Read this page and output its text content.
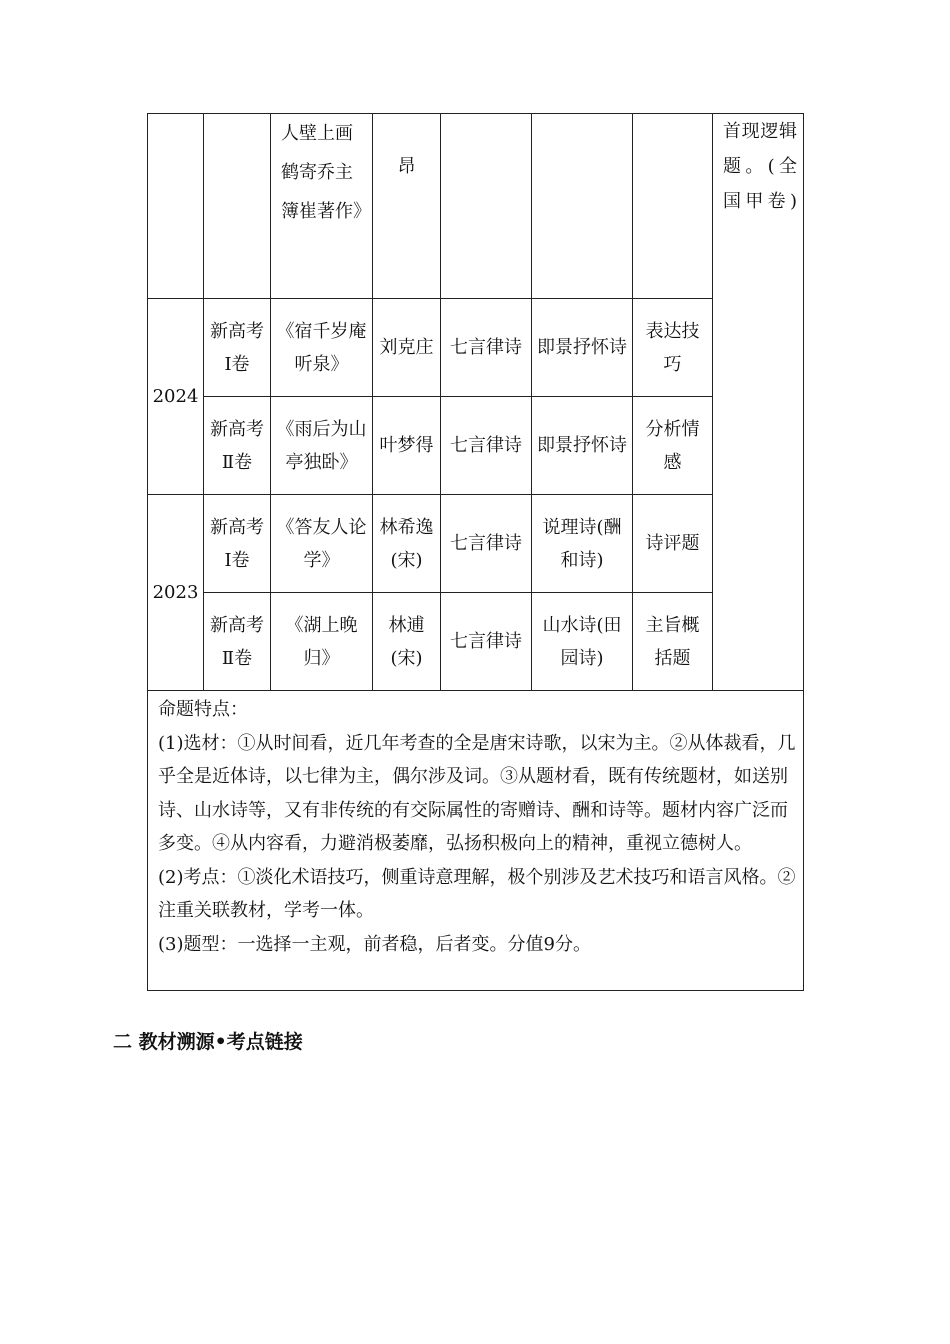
		人壁上画鹤寄乔主簿崔著作》	昂				首现逻辑题。(全国甲卷)
2024	新高考Ⅰ卷	《宿千岁庵听泉》	刘克庄	七言律诗	即景抒怀诗	表达技巧	
	新高考Ⅱ卷	《雨后为山亭独卧》	叶梦得	七言律诗	即景抒怀诗	分析情感	
2023	新高考Ⅰ卷	《答友人论学》	林希逸(宋)	七言律诗	说理诗(酬和诗)	诗评题	
	新高考Ⅱ卷	《湖上晚归》	林逋(宋)	七言律诗	山水诗(田园诗)	主旨概括题	

命题特点：

(1)选材：①从时间看，近几年考查的全是唐宋诗歌，以宋为主。②从体裁看，几乎全是近体诗，以七律为主，偶尔涉及词。③从题材看，既有传统题材，如送别诗、山水诗等，又有非传统的有交际属性的寄赠诗、酬和诗等。题材内容广泛而多变。④从内容看，力避消极萎靡，弘扬积极向上的精神，重视立德树人。

(2)考点：①淡化术语技巧，侧重诗意理解，极个别涉及艺术技巧和语言风格。②注重关联教材，学考一体。

(3)题型：一选择一主观，前者稳，后者变。分值9分。							

二 教材溯源•考点链接
